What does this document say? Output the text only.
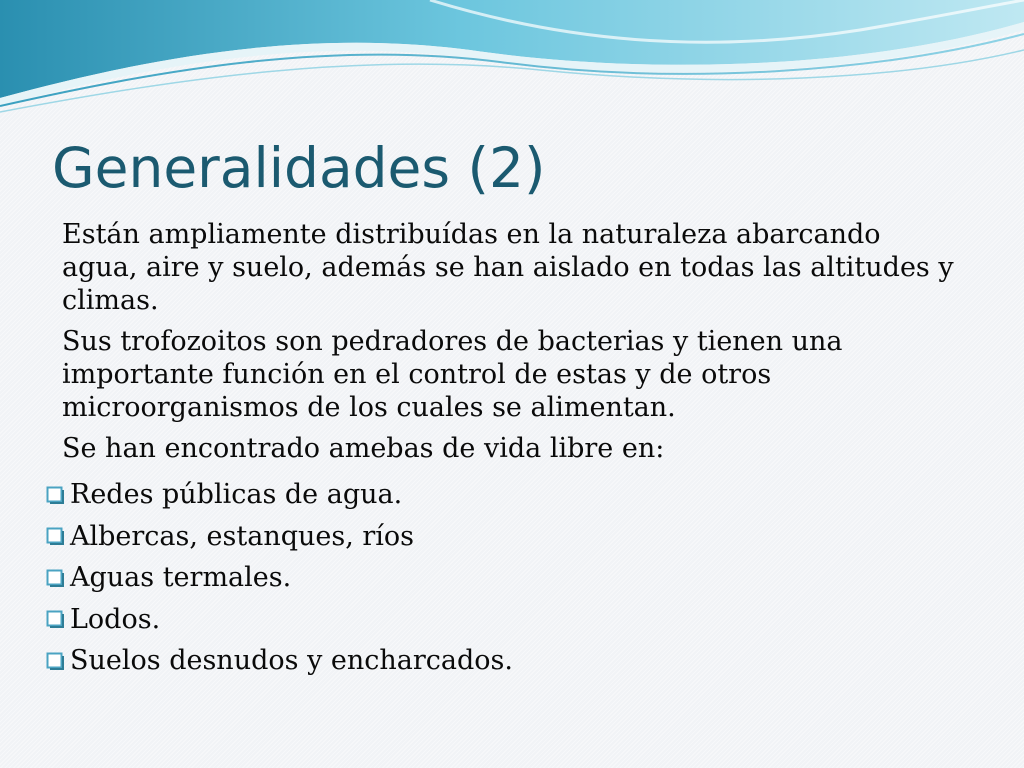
Generalidades (2)

Están ampliamente distribuídas en la naturaleza abarcando agua, aire y suelo, además se han aislado en todas las altitudes y climas.

Sus trofozoitos son pedradores de bacterias y tienen una importante función en el control de estas y de otros microorganismos de los cuales se alimentan.

Se han encontrado amebas de vida libre en:

Redes públicas de agua.
Albercas, estanques, ríos
Aguas termales.
Lodos.
Suelos desnudos y encharcados.
